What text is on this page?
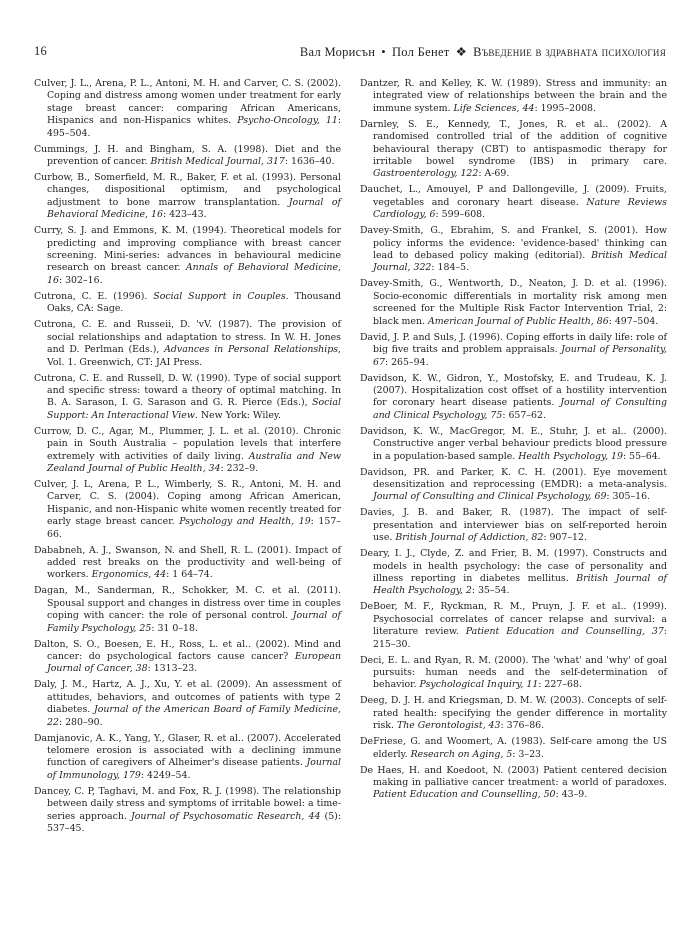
16	Вал Морисън • Пол Бенет ❖ Въведение в здравната психология

Culver, J. L., Arena, P. L., Antoni, M. H. and Carver, C. S. (2002). Coping and distress among women under treatment for early stage breast cancer: comparing African Americans, Hispanics and non-Hispanics whites. Psycho-Oncology, 11: 495–504.

Cummings, J. H. and Bingham, S. A. (1998). Diet and the prevention of cancer. British Medical Journal, 317: 1636–40.

Curbow, B., Somerfield, M. R., Baker, F. et al. (1993). Personal changes, dispositional optimism, and psychological adjustment to bone marrow transplantation. Journal of Behavioral Medicine, 16: 423–43.

Curry, S. J. and Emmons, K. M. (1994). Theoretical models for predicting and improving compliance with breast cancer screening. Mini-series: advances in behavioural medicine research on breast cancer. Annals of Behavioral Medicine, 16: 302–16.

Cutrona, C. E. (1996). Social Support in Couples. Thousand Oaks, CA: Sage.

Cutrona, C. E. and Russeii, D. 'vV. (1987). The provision of social relationships and adaptation to stress. In W. H. Jones and D. Perlman (Eds.), Advances in Personal Relationships, Vol. 1. Greenwich, CT: JAI Press.

Cutrona, C. E. and Russell, D. W. (1990). Type of social support and specific stress: toward a theory of optimal matching. In B. A. Sarason, I. G. Sarason and G. R. Pierce (Eds.), Social Support: An Interactional View. New York: Wiley.

Currow, D. C., Agar, M., Plummer, J. L. et al. (2010). Chronic pain in South Australia – population levels that interfere extremely with activities of daily living. Australia and New Zealand Journal of Public Health, 34: 232–9.

Culver, J. L, Arena, P. L., Wimberly, S. R., Antoni, M. H. and Carver, C. S. (2004). Coping among African American, Hispanic, and non-Hispanic white women recently treated for early stage breast cancer. Psychology and Health, 19: 157–66.

Dababneh, A. J., Swanson, N. and Shell, R. L. (2001). Impact of added rest breaks on the productivity and well-being of workers. Ergonomics, 44: 1 64–74.

Dagan, M., Sanderman, R., Schokker, M. C. et al. (2011). Spousal support and changes in distress over time in couples coping with cancer: the role of personal control. Journal of Family Psychology, 25: 31 0–18.

Dalton, S. O., Boesen, E. H., Ross, L. et al.. (2002). Mind and cancer: do psychological factors cause cancer? European Journal of Cancer, 38: 1313–23.

Daly, J. M., Hartz, A. J., Xu, Y. et al. (2009). An assessment of attitudes, behaviors, and outcomes of patients with type 2 diabetes. Journal of the American Board of Family Medicine, 22: 280–90.

Damjanovic, A. K., Yang, Y., Glaser, R. et al.. (2007). Accelerated telomere erosion is associated with a declining immune function of caregivers of Alheimer's disease patients. Journal of Immunology, 179: 4249–54.

Dancey, C. P, Taghavi, M. and Fox, R. J. (1998). The relationship between daily stress and symptoms of irritable bowel: a time-series approach. Journal of Psychosomatic Research, 44 (5): 537–45.

Dantzer, R. and Kelley, K. W. (1989). Stress and immunity: an integrated view of relationships between the brain and the immune system. Life Sciences, 44: 1995–2008.

Darnley, S. E., Kennedy, T., Jones, R. et al.. (2002). A randomised controlled trial of the addition of cognitive behavioural therapy (CBT) to antispasmodic therapy for irritable bowel syndrome (IBS) in primary care. Gastroenterology, 122: A-69.

Dauchet, L., Amouyel, P and Dallongeville, J. (2009). Fruits, vegetables and coronary heart disease. Nature Reviews Cardiology, 6: 599–608.

Davey-Smith, G., Ebrahim, S. and Frankel, S. (2001). How policy informs the evidence: 'evidence-based' thinking can lead to debased policy making (editorial). British Medical Journal, 322: 184–5.

Davey-Smith, G., Wentworth, D., Neaton, J. D. et al. (1996). Socio-economic differentials in mortality risk among men screened for the Multiple Risk Factor Intervention Trial, 2: black men. American Journal of Public Health, 86: 497–504.

David, J. P. and Suls, J. (1996). Coping efforts in daily life: role of big five traits and problem appraisals. Journal of Personality, 67: 265–94.

Davidson, K. W., Gidron, Y., Mostofsky, E. and Trudeau, K. J. (2007). Hospitalization cost offset of a hostility intervention for coronary heart disease patients. Journal of Consulting and Clinical Psychology, 75: 657–62.

Davidson, K. W., MacGregor, M. E., Stuhr, J. et al.. (2000). Constructive anger verbal behaviour predicts blood pressure in a population-based sample. Health Psychology, 19: 55–64.

Davidson, PR. and Parker, K. C. H. (2001). Eye movement desensitization and reprocessing (EMDR): a meta-analysis. Journal of Consulting and Clinical Psychology, 69: 305–16.

Davies, J. B. and Baker, R. (1987). The impact of self-presentation and interviewer bias on self-reported heroin use. British Journal of Addiction, 82: 907–12.

Deary, I. J., Clyde, Z. and Frier, B. M. (1997). Constructs and models in health psychology: the case of personality and illness reporting in diabetes mellitus. British Journal of Health Psychology, 2: 35–54.

DeBoer, M. F., Ryckman, R. M., Pruyn, J. F. et al.. (1999). Psychosocial correlates of cancer relapse and survival: a literature review. Patient Education and Counselling, 37: 215–30.

Deci, E. L. and Ryan, R. M. (2000). The 'what' and 'why' of goal pursuits: human needs and the self-determination of behavior. Psychological Inquiry, 11: 227–68.

Deeg, D. J. H. and Kriegsman, D. M. W. (2003). Concepts of self-rated health: specifying the gender difference in mortality risk. The Gerontologist, 43: 376–86.

DeFriese, G. and Woomert, A. (1983). Self-care among the US elderly. Research on Aging, 5: 3–23.

De Haes, H. and Koedoot, N. (2003) Patient centered decision making in palliative cancer treatment: a world of paradoxes. Patient Education and Counselling, 50: 43–9.
